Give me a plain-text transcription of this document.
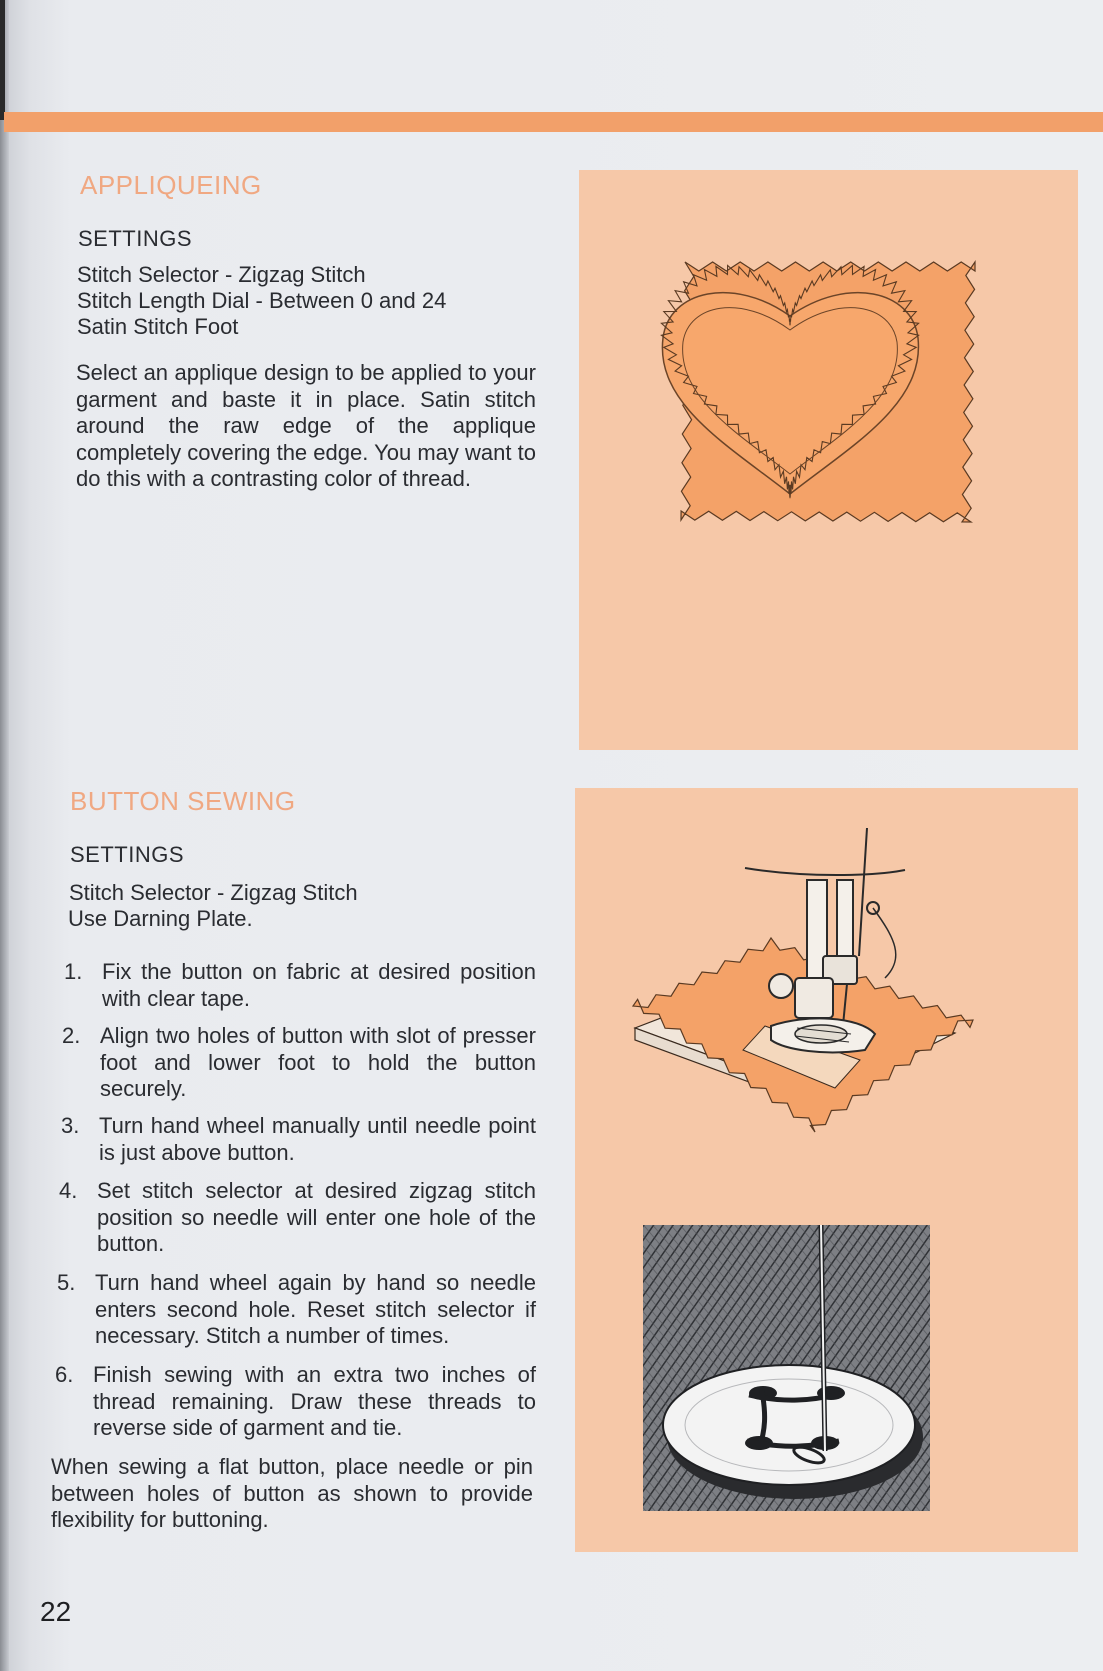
APPLIQUEING
SETTINGS
Stitch Selector - Zigzag Stitch
Stitch Length Dial - Between 0 and 24
Satin Stitch Foot
Select an applique design to be applied to your garment and baste it in place. Satin stitch around the raw edge of the applique completely covering the edge. You may want to do this with a contrasting color of thread.
BUTTON SEWING
SETTINGS
Stitch Selector - Zigzag Stitch
Use Darning Plate.
1. Fix the button on fabric at desired position with clear tape.
2. Align two holes of button with slot of presser foot and lower foot to hold the button securely.
3. Turn hand wheel manually until needle point is just above button.
4. Set stitch selector at desired zigzag stitch position so needle will enter one hole of the button.
5. Turn hand wheel again by hand so needle enters second hole. Reset stitch selector if necessary. Stitch a number of times.
6. Finish sewing with an extra two inches of thread remaining. Draw these threads to reverse side of garment and tie.
When sewing a flat button, place needle or pin between holes of button as shown to provide flexibility for buttoning.
22
